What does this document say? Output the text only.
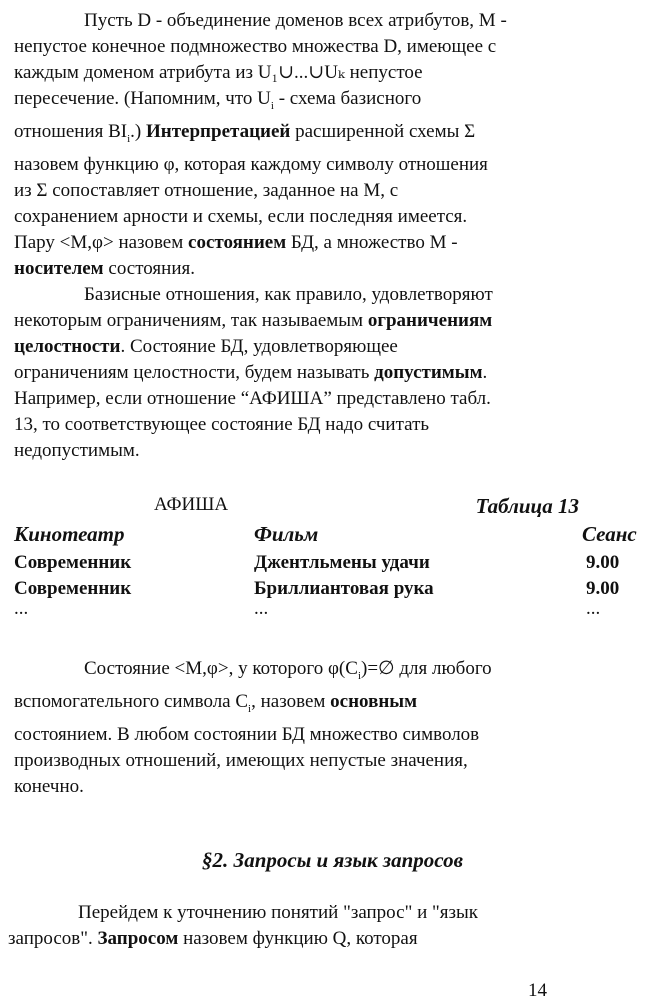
Пусть D - объединение доменов всех атрибутов, M -
непустое конечное подмножество множества D, имеющее с
каждым доменом атрибута из U₁∪...∪Uₖ непустое
пересечение. (Напомним, что $U_i$ - схема базисного
отношения $BI_i$.) Интерпретацией расширенной схемы Σ
назовем функцию φ, которая каждому символу отношения
из Σ сопоставляет отношение, заданное на M, с
сохранением арности и схемы, если последняя имеется.
Пару <M,φ> назовем состоянием БД, а множество M -
носителем состояния.
Базисные отношения, как правило, удовлетворяют
некоторым ограничениям, так называемым ограничениям
целостности. Состояние БД, удовлетворяющее
ограничениям целостности, будем называть допустимым.
Например, если отношение “АФИША” представлено табл.
13, то соответствующее состояние БД надо считать
недопустимым.
АФИША	Таблица 13
Кинотеатр	Фильм	Сеанс
Современник	Джентльмены удачи	9.00
Современник	Бриллиантовая рука	9.00
...	...	...
Состояние <M,φ>, у которого $\varphi(C_i)=\emptyset$ для любого
вспомогательного символа $C_i$, назовем основным
состоянием. В любом состоянии БД множество символов
производных отношений, имеющих непустые значения,
конечно.
§2. Запросы и язык запросов
Перейдем к уточнению понятий "запрос" и "язык
запросов". Запросом назовем функцию Q, которая
14
